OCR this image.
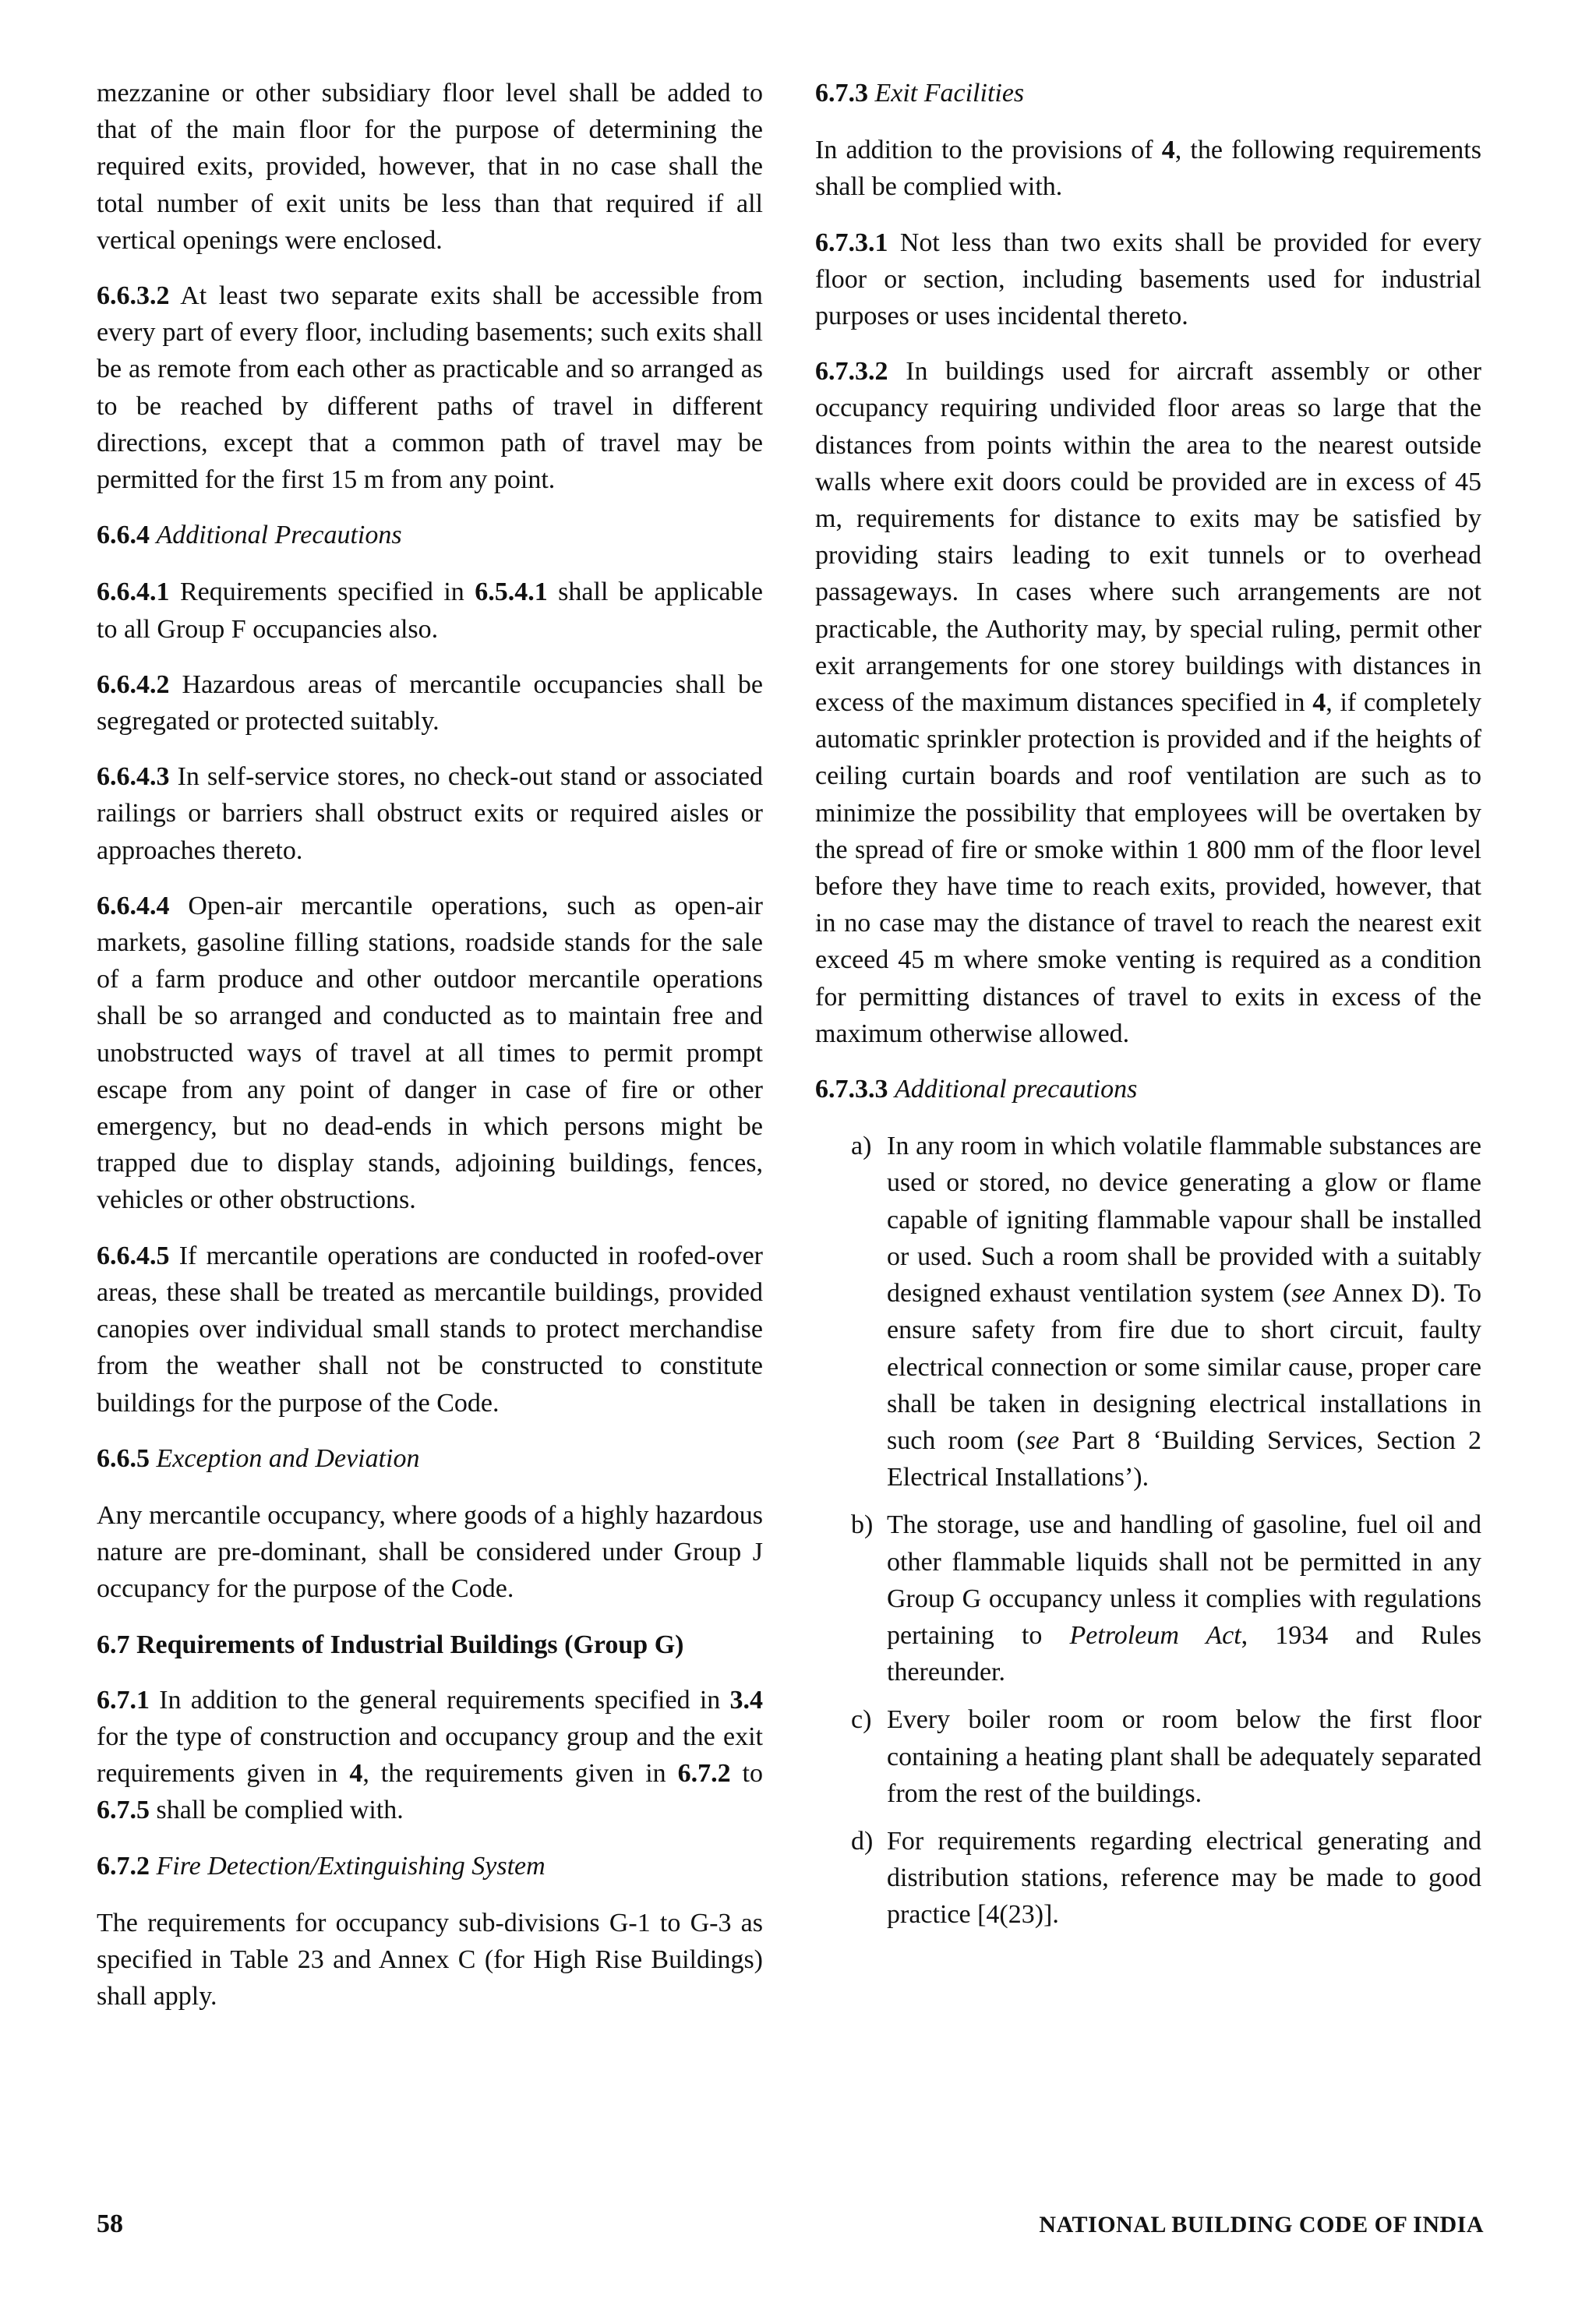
mezzanine or other subsidiary floor level shall be added to that of the main floor for the purpose of determining the required exits, provided, however, that in no case shall the total number of exit units be less than that required if all vertical openings were enclosed.

6.6.3.2 At least two separate exits shall be accessible from every part of every floor, including basements; such exits shall be as remote from each other as practicable and so arranged as to be reached by different paths of travel in different directions, except that a common path of travel may be permitted for the first 15 m from any point.

6.6.4 Additional Precautions

6.6.4.1 Requirements specified in 6.5.4.1 shall be applicable to all Group F occupancies also.

6.6.4.2 Hazardous areas of mercantile occupancies shall be segregated or protected suitably.

6.6.4.3 In self-service stores, no check-out stand or associated railings or barriers shall obstruct exits or required aisles or approaches thereto.

6.6.4.4 Open-air mercantile operations, such as open-air markets, gasoline filling stations, roadside stands for the sale of a farm produce and other outdoor mercantile operations shall be so arranged and conducted as to maintain free and unobstructed ways of travel at all times to permit prompt escape from any point of danger in case of fire or other emergency, but no dead-ends in which persons might be trapped due to display stands, adjoining buildings, fences, vehicles or other obstructions.

6.6.4.5 If mercantile operations are conducted in roofed-over areas, these shall be treated as mercantile buildings, provided canopies over individual small stands to protect merchandise from the weather shall not be constructed to constitute buildings for the purpose of the Code.

6.6.5 Exception and Deviation

Any mercantile occupancy, where goods of a highly hazardous nature are pre-dominant, shall be considered under Group J occupancy for the purpose of the Code.

6.7 Requirements of Industrial Buildings (Group G)

6.7.1 In addition to the general requirements specified in 3.4 for the type of construction and occupancy group and the exit requirements given in 4, the requirements given in 6.7.2 to 6.7.5 shall be complied with.

6.7.2 Fire Detection/Extinguishing System

The requirements for occupancy sub-divisions G-1 to G-3 as specified in Table 23 and Annex C (for High Rise Buildings) shall apply.

6.7.3 Exit Facilities

In addition to the provisions of 4, the following requirements shall be complied with.

6.7.3.1 Not less than two exits shall be provided for every floor or section, including basements used for industrial purposes or uses incidental thereto.

6.7.3.2 In buildings used for aircraft assembly or other occupancy requiring undivided floor areas so large that the distances from points within the area to the nearest outside walls where exit doors could be provided are in excess of 45 m, requirements for distance to exits may be satisfied by providing stairs leading to exit tunnels or to overhead passageways. In cases where such arrangements are not practicable, the Authority may, by special ruling, permit other exit arrangements for one storey buildings with distances in excess of the maximum distances specified in 4, if completely automatic sprinkler protection is provided and if the heights of ceiling curtain boards and roof ventilation are such as to minimize the possibility that employees will be overtaken by the spread of fire or smoke within 1 800 mm of the floor level before they have time to reach exits, provided, however, that in no case may the distance of travel to reach the nearest exit exceed 45 m where smoke venting is required as a condition for permitting distances of travel to exits in excess of the maximum otherwise allowed.

6.7.3.3 Additional precautions

a) In any room in which volatile flammable substances are used or stored, no device generating a glow or flame capable of igniting flammable vapour shall be installed or used. Such a room shall be provided with a suitably designed exhaust ventilation system (see Annex D). To ensure safety from fire due to short circuit, faulty electrical connection or some similar cause, proper care shall be taken in designing electrical installations in such room (see Part 8 ‘Building Services, Section 2 Electrical Installations’).
b) The storage, use and handling of gasoline, fuel oil and other flammable liquids shall not be permitted in any Group G occupancy unless it complies with regulations pertaining to Petroleum Act, 1934 and Rules thereunder.
c) Every boiler room or room below the first floor containing a heating plant shall be adequately separated from the rest of the buildings.
d) For requirements regarding electrical generating and distribution stations, reference may be made to good practice [4(23)].
58	NATIONAL BUILDING CODE OF INDIA
